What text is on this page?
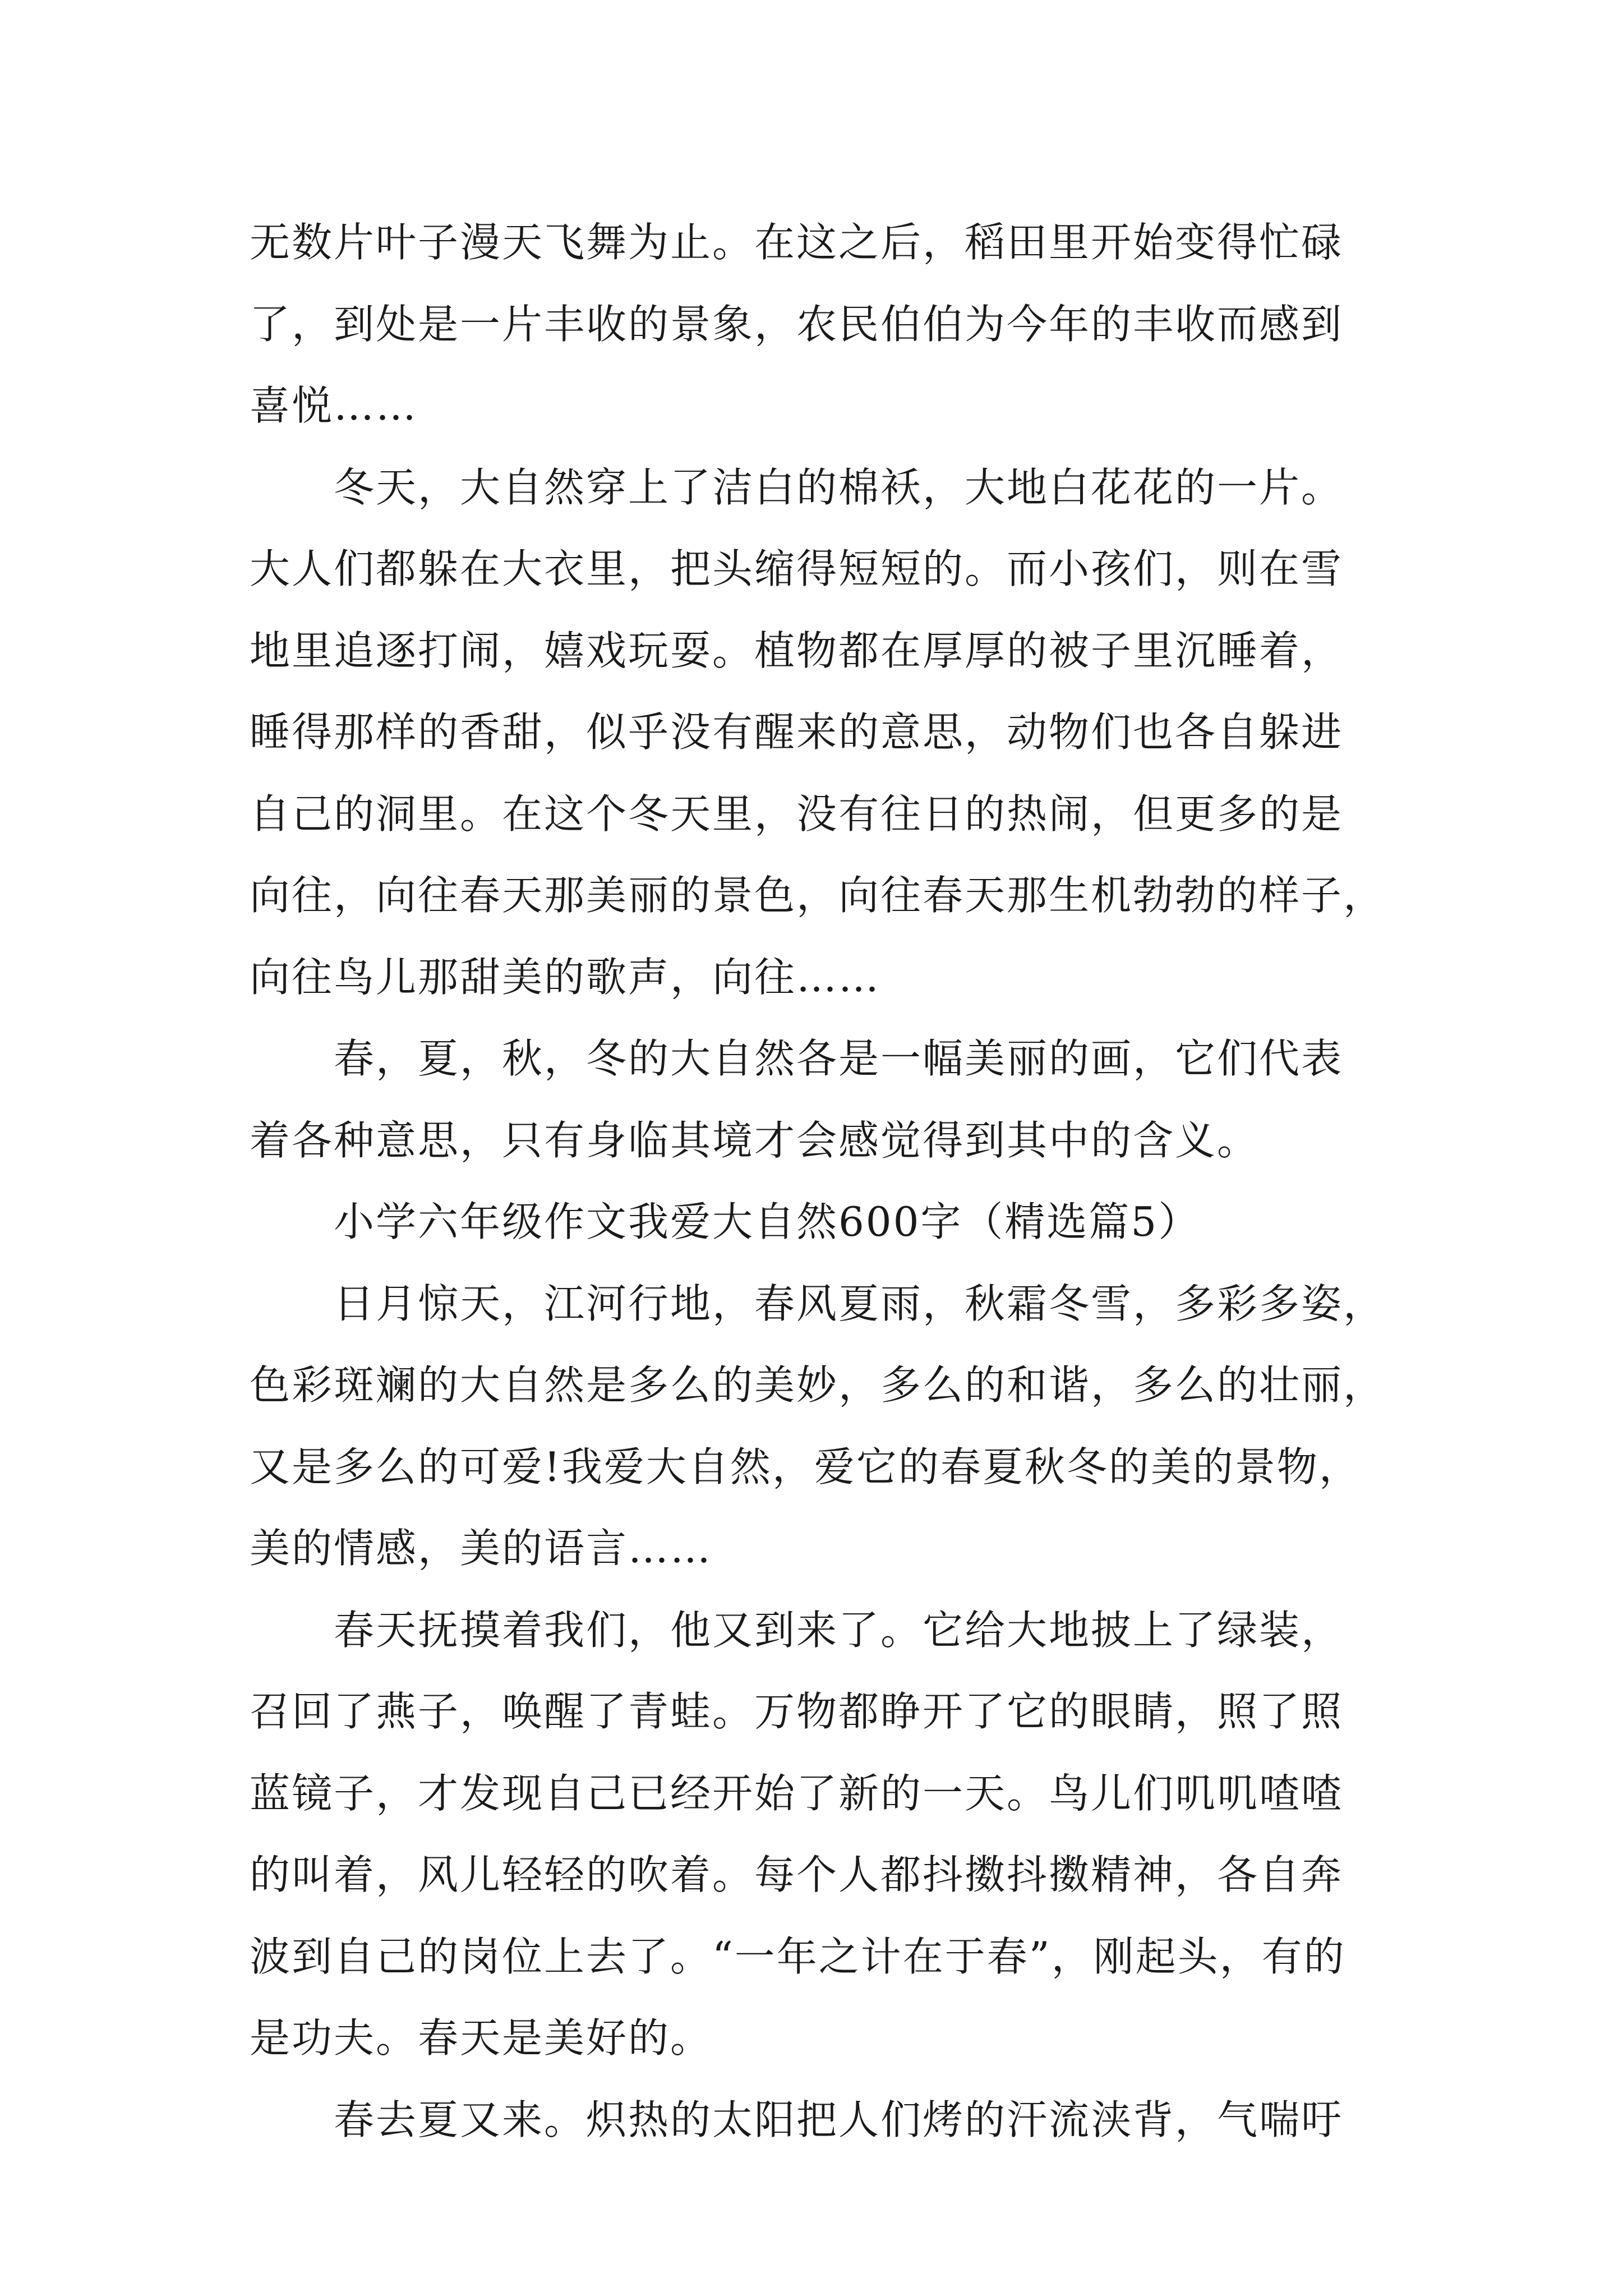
无数片叶子漫天飞舞为止。在这之后，稻田里开始变得忙碌
了，到处是一片丰收的景象，农民伯伯为今年的丰收而感到
喜悦……
冬天，大自然穿上了洁白的棉袄，大地白花花的一片。
大人们都躲在大衣里，把头缩得短短的。而小孩们，则在雪
地里追逐打闹，嬉戏玩耍。植物都在厚厚的被子里沉睡着，
睡得那样的香甜，似乎没有醒来的意思，动物们也各自躲进
自己的洞里。在这个冬天里，没有往日的热闹，但更多的是
向往，向往春天那美丽的景色，向往春天那生机勃勃的样子，
向往鸟儿那甜美的歌声，向往……
春，夏，秋，冬的大自然各是一幅美丽的画，它们代表
着各种意思，只有身临其境才会感觉得到其中的含义。
小学六年级作文我爱大自然600字（精选篇5）
日月惊天，江河行地，春风夏雨，秋霜冬雪，多彩多姿，
色彩斑斓的大自然是多么的美妙，多么的和谐，多么的壮丽，
又是多么的可爱!我爱大自然，爱它的春夏秋冬的美的景物，
美的情感，美的语言……
春天抚摸着我们，他又到来了。它给大地披上了绿装，
召回了燕子，唤醒了青蛙。万物都睁开了它的眼睛，照了照
蓝镜子，才发现自己已经开始了新的一天。鸟儿们叽叽喳喳
的叫着，风儿轻轻的吹着。每个人都抖擞抖擞精神，各自奔
波到自己的岗位上去了。“一年之计在于春”，刚起头，有的
是功夫。春天是美好的。
春去夏又来。炽热的太阳把人们烤的汗流浃背，气喘吁
